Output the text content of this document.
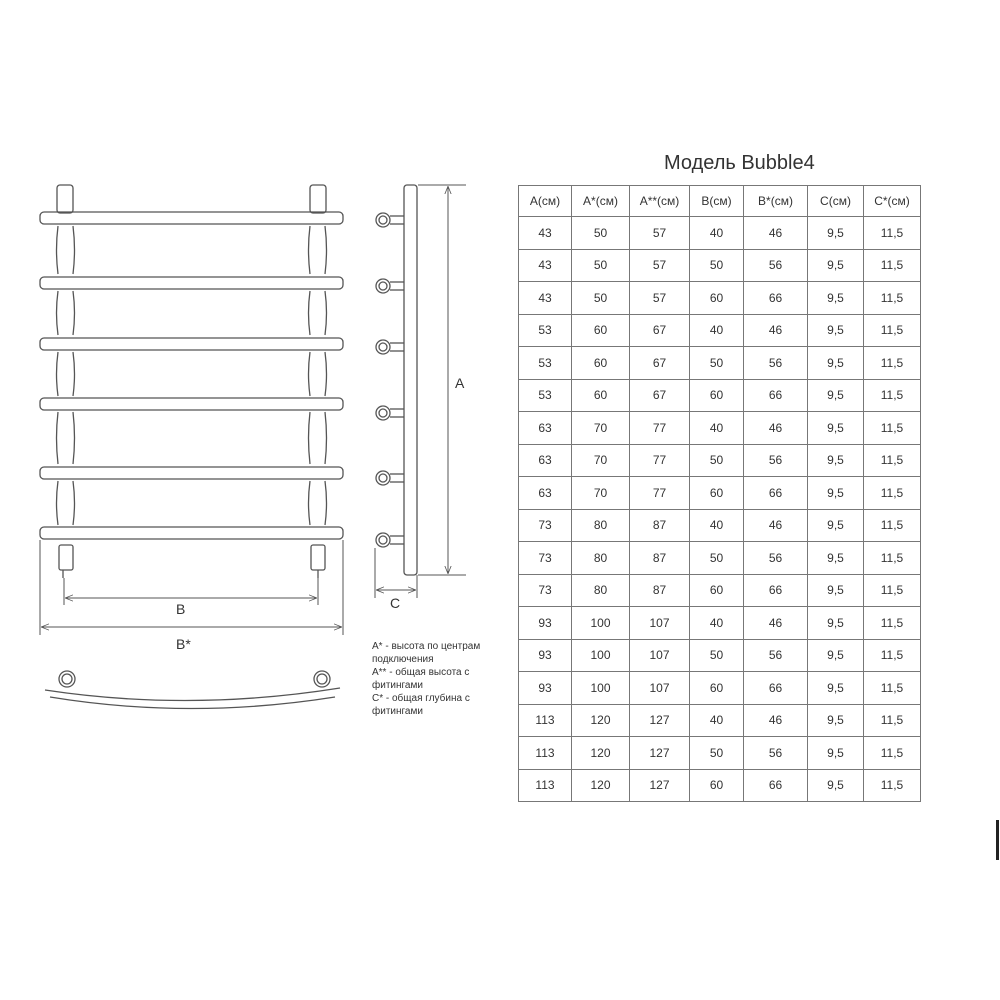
A
B
B*
C

A* - высота по центрам подключения

A** - общая высота с фитингами

C* - общая глубина с фитингами

Модель Bubble4
A(см)	A*(см)	A**(см)	B(см)	B*(см)	C(см)	C*(см)
43	50	57	40	46	9,5	11,5
43	50	57	50	56	9,5	11,5
43	50	57	60	66	9,5	11,5
53	60	67	40	46	9,5	11,5
53	60	67	50	56	9,5	11,5
53	60	67	60	66	9,5	11,5
63	70	77	40	46	9,5	11,5
63	70	77	50	56	9,5	11,5
63	70	77	60	66	9,5	11,5
73	80	87	40	46	9,5	11,5
73	80	87	50	56	9,5	11,5
73	80	87	60	66	9,5	11,5
93	100	107	40	46	9,5	11,5
93	100	107	50	56	9,5	11,5
93	100	107	60	66	9,5	11,5
113	120	127	40	46	9,5	11,5
113	120	127	50	56	9,5	11,5
113	120	127	60	66	9,5	11,5
